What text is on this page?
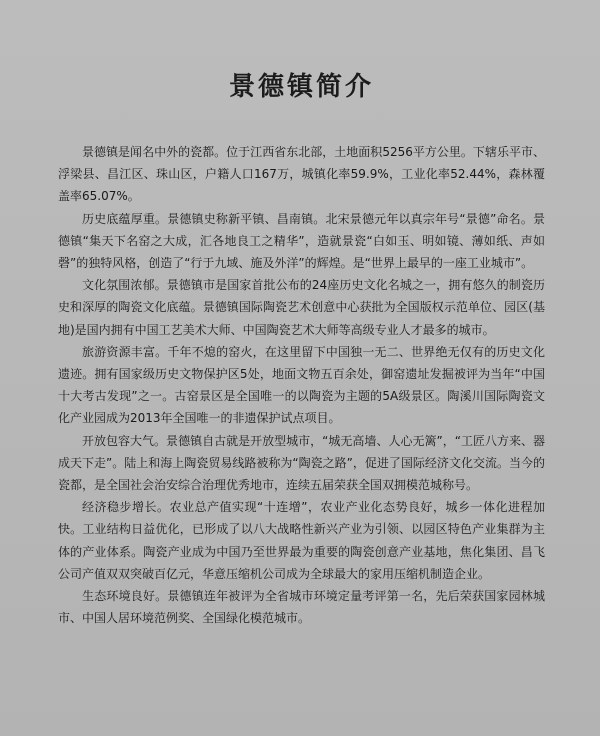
景德镇简介

景德镇是闻名中外的瓷都。位于江西省东北部，土地面积5256平方公里。下辖乐平市、浮梁县、昌江区、珠山区，户籍人口167万，城镇化率59.9%，工业化率52.44%，森林覆盖率65.07%。

历史底蕴厚重。景德镇史称新平镇、昌南镇。北宋景德元年以真宗年号“景德”命名。景德镇“集天下名窑之大成，汇各地良工之精华”，造就景瓷“白如玉、明如镜、薄如纸、声如磬”的独特风格，创造了“行于九域、施及外洋”的辉煌。是“世界上最早的一座工业城市”。

文化氛围浓郁。景德镇市是国家首批公布的24座历史文化名城之一，拥有悠久的制瓷历史和深厚的陶瓷文化底蕴。景德镇国际陶瓷艺术创意中心获批为全国版权示范单位、园区(基地)是国内拥有中国工艺美术大师、中国陶瓷艺术大师等高级专业人才最多的城市。

旅游资源丰富。千年不熄的窑火，在这里留下中国独一无二、世界绝无仅有的历史文化遗迹。拥有国家级历史文物保护区5处，地面文物五百余处，御窑遗址发掘被评为当年“中国十大考古发现”之一。古窑景区是全国唯一的以陶瓷为主题的5A级景区。陶溪川国际陶瓷文化产业园成为2013年全国唯一的非遗保护试点项目。

开放包容大气。景德镇自古就是开放型城市，“城无高墙、人心无篱”，“工匠八方来、器成天下走”。陆上和海上陶瓷贸易线路被称为“陶瓷之路”，促进了国际经济文化交流。当今的瓷都，是全国社会治安综合治理优秀地市，连续五届荣获全国双拥模范城称号。

经济稳步增长。农业总产值实现“十连增”，农业产业化态势良好，城乡一体化进程加快。工业结构日益优化，已形成了以八大战略性新兴产业为引领、以园区特色产业集群为主体的产业体系。陶瓷产业成为中国乃至世界最为重要的陶瓷创意产业基地，焦化集团、昌飞公司产值双双突破百亿元，华意压缩机公司成为全球最大的家用压缩机制造企业。

生态环境良好。景德镇连年被评为全省城市环境定量考评第一名，先后荣获国家园林城市、中国人居环境范例奖、全国绿化模范城市。
